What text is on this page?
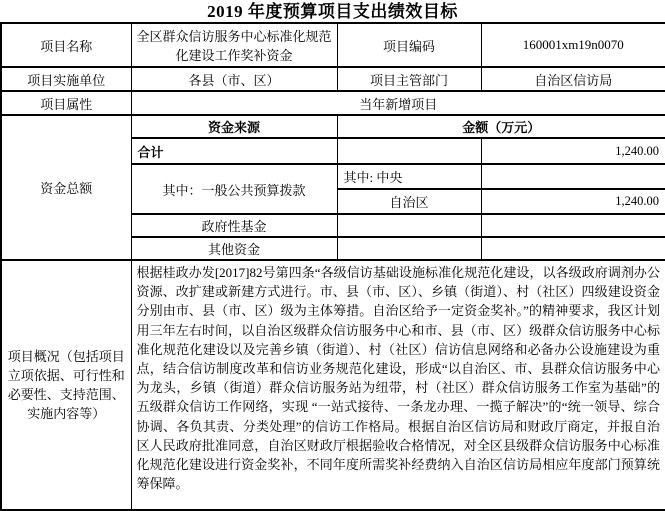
2019 年度预算项目支出绩效目标
项目名称	全区群众信访服务中心标准化规范化建设工作奖补资金	项目编码	160001xm19n0070
项目实施单位	各县（市、区）	项目主管部门	自治区信访局
项目属性	当年新增项目		
资金总额	资金来源	金额（万元）	
	合计		1,240.00
	其中：一般公共预算拨款	其中: 中央	
		自治区	1,240.00
	政府性基金		
	其他资金		
项目概况（包括项目立项依据、可行性和必要性、支持范围、实施内容等）	根据桂政办发[2017]82号第四条“各级信访基础设施标准化规范化建设，以各级政府调剂办公资源、改扩建或新建方式进行。市、县（市、区）、乡镇（街道）、村（社区）四级建设资金分别由市、县（市、区）级为主体筹措。自治区给予一定资金奖补。”的精神要求，我区计划用三年左右时间，以自治区级群众信访服务中心和市、县（市、区）级群众信访服务中心标准化规范化建设以及完善乡镇（街道）、村（社区）信访信息网络和必备办公设施建设为重点，结合信访制度改革和信访业务规范化建设，形成“以自治区、市、县群众信访服务中心为龙头，乡镇（街道）群众信访服务站为纽带，村（社区）群众信访服务工作室为基础”的五级群众信访工作网络，实现 “一站式接待、一条龙办理、一揽子解决”的“统一领导、综合协调、各负其责、分类处理”的信访工作格局。根据自治区信访局和财政厅商定，并报自治区人民政府批准同意，自治区财政厅根据验收合格情况，对全区县级群众信访服务中心标准化规范化建设进行资金奖补，不同年度所需奖补经费纳入自治区信访局相应年度部门预算统筹保障。		
